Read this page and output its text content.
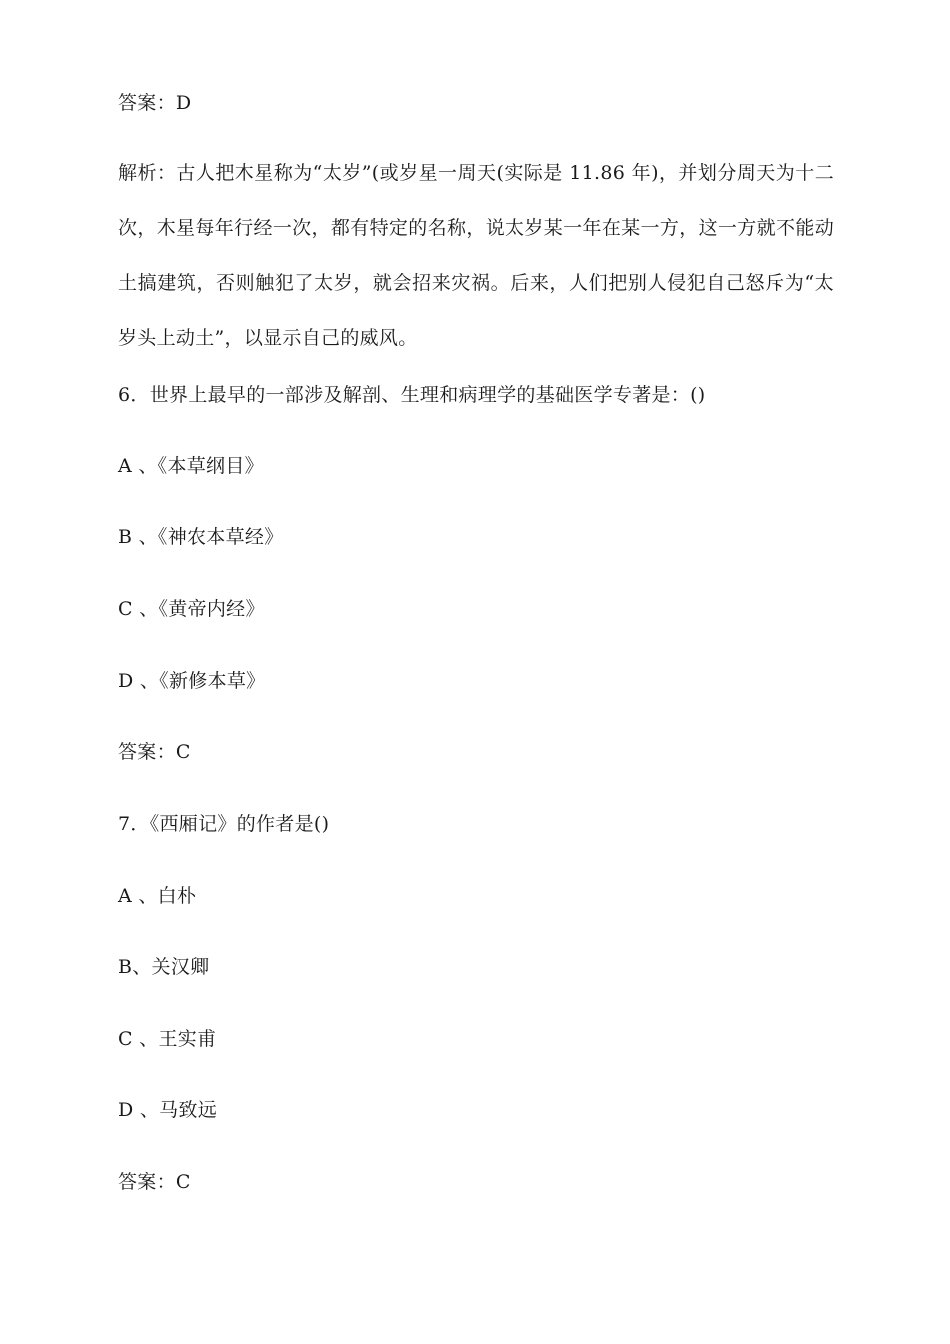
答案：D
解析：古人把木星称为“太岁”(或岁星一周天(实际是 11.86 年)，并划分周天为十二次，木星每年行经一次，都有特定的名称，说太岁某一年在某一方，这一方就不能动土搞建筑，否则触犯了太岁，就会招来灾祸。后来，人们把别人侵犯自己怒斥为“太岁头上动土”，以显示自己的威风。
6．世界上最早的一部涉及解剖、生理和病理学的基础医学专著是：()
A 、《本草纲目》
B 、《神农本草经》
C 、《黄帝内经》
D 、《新修本草》
答案：C
7．《西厢记》的作者是()
A 、白朴
B、关汉卿
C 、王实甫
D 、马致远
答案：C
